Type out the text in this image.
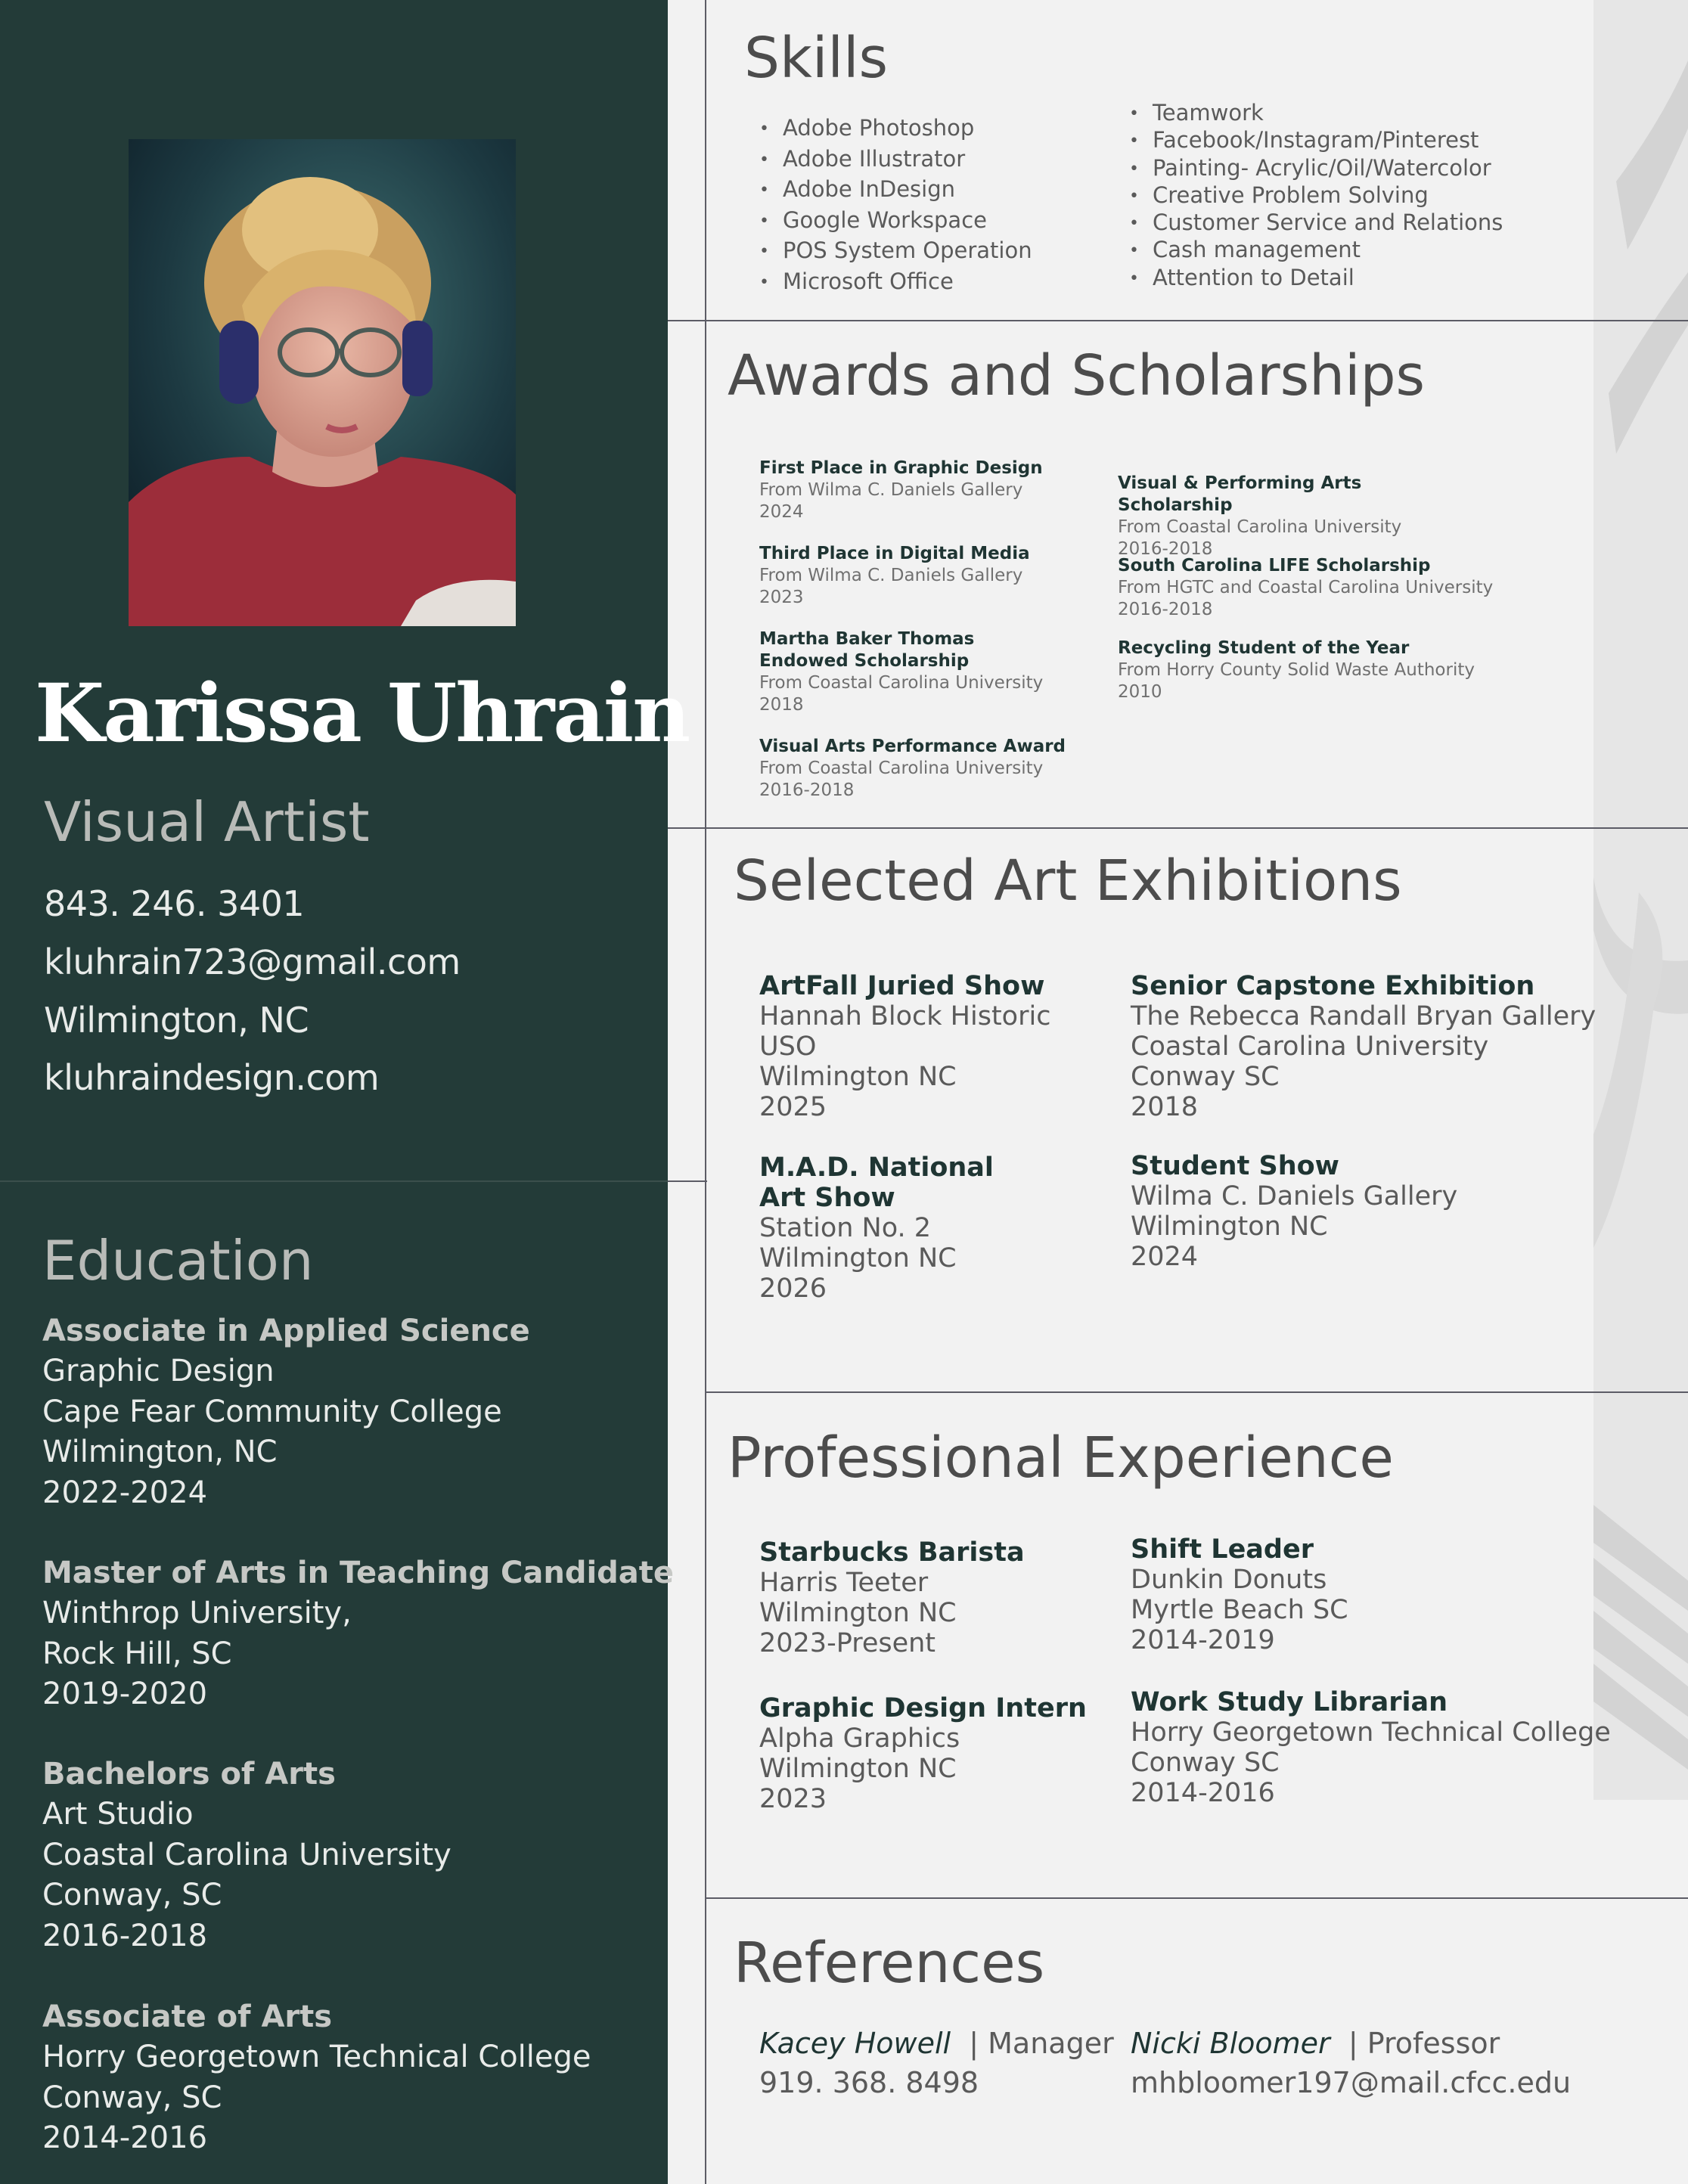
Karissa Uhrain
Visual Artist
843. 246. 3401
kluhrain723@gmail.com
Wilmington, NC
kluhraindesign.com
Education
Associate in Applied Science
Graphic Design
Cape Fear Community College
Wilmington, NC
2022-2024
Master of Arts in Teaching Candidate
Winthrop University,
Rock Hill, SC
2019-2020
Bachelors of Arts
Art Studio
Coastal Carolina University
Conway, SC
2016-2018
Associate of Arts
Horry Georgetown Technical College
Conway, SC
2014-2016
Skills
• Adobe Photoshop
• Adobe Illustrator
• Adobe InDesign
• Google Workspace
• POS System Operation
• Microsoft Office
• Teamwork
• Facebook/Instagram/Pinterest
• Painting- Acrylic/Oil/Watercolor
• Creative Problem Solving
• Customer Service and Relations
• Cash management
• Attention to Detail
Awards and Scholarships
First Place in Graphic Design
From Wilma C. Daniels Gallery
2024
Third Place in Digital Media
From Wilma C. Daniels Gallery
2023
Martha Baker Thomas Endowed Scholarship
From Coastal Carolina University
2018
Visual Arts Performance Award
From Coastal Carolina University
2016-2018
Visual & Performing Arts Scholarship
From Coastal Carolina University
2016-2018
South Carolina LIFE Scholarship
From HGTC and Coastal Carolina University
2016-2018
Recycling Student of the Year
From Horry County Solid Waste Authority
2010
Selected Art Exhibitions
ArtFall Juried Show
Hannah Block Historic
USO
Wilmington NC
2025
M.A.D. National Art Show
Station No. 2
Wilmington NC
2026
Senior Capstone Exhibition
The Rebecca Randall Bryan Gallery
Coastal Carolina University
Conway SC
2018
Student Show
Wilma C. Daniels Gallery
Wilmington NC
2024
Professional Experience
Starbucks Barista
Harris Teeter
Wilmington NC
2023-Present
Graphic Design Intern
Alpha Graphics
Wilmington NC
2023
Shift Leader
Dunkin Donuts
Myrtle Beach SC
2014-2019
Work Study Librarian
Horry Georgetown Technical College
Conway SC
2014-2016
References
Kacey Howell | Manager
919. 368. 8498
Nicki Bloomer | Professor
mhbloomer197@mail.cfcc.edu
